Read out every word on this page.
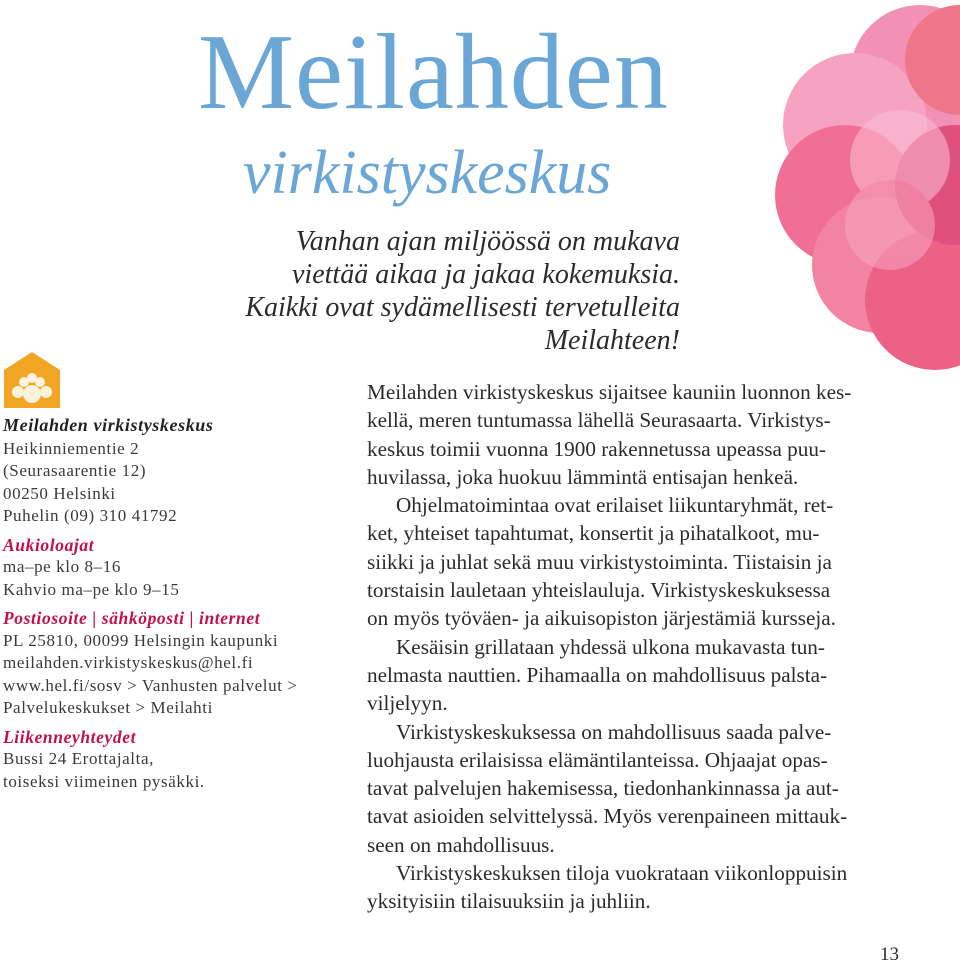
Meilahden
virkistyskeskus
Vanhan ajan miljöössä on mukava
viettää aikaa ja jakaa kokemuksia.
Kaikki ovat sydämellisesti tervetulleita Meilahteen!
Meilahden virkistyskeskus
Heikinniementie 2
(Seurasaarentie 12)
00250 Helsinki
Puhelin (09) 310 41792
Aukioloajat
ma–pe klo 8–16
Kahvio ma–pe klo 9–15
Postiosoite | sähköposti | internet
PL 25810, 00099 Helsingin kaupunki
meilahden.virkistyskeskus@hel.fi
www.hel.fi/sosv > Vanhusten palvelut >
Palvelukeskukset > Meilahti
Liikenneyhteydet
Bussi 24 Erottajalta,
toiseksi viimeinen pysäkki.

Meilahden virkistyskeskus sijaitsee kauniin luonnon kes-
kellä, meren tuntumassa lähellä Seurasaarta. Virkistys-
keskus toimii vuonna 1900 rakennetussa upeassa puu-
huvilassa, joka huokuu lämmintä entisajan henkeä.

Ohjelmatoimintaa ovat erilaiset liikuntaryhmät, ret-
ket, yhteiset tapahtumat, konsertit ja pihatalkoot, mu-
siikki ja juhlat sekä muu virkistystoiminta. Tiistaisin ja
torstaisin lauletaan yhteislauluja. Virkistyskeskuksessa
on myös työväen- ja aikuisopiston järjestämiä kursseja.

Kesäisin grillataan yhdessä ulkona mukavasta tun-
nelmasta nauttien. Pihamaalla on mahdollisuus palsta-
viljelyyn.

Virkistyskeskuksessa on mahdollisuus saada palve-
luohjausta erilaisissa elämäntilanteissa. Ohjaajat opas-
tavat palvelujen hakemisessa, tiedonhankinnassa ja aut-
tavat asioiden selvittelyssä. Myös verenpaineen mittauk-
seen on mahdollisuus.

Virkistyskeskuksen tiloja vuokrataan viikonloppuisin
yksityisiin tilaisuuksiin ja juhliin.

13
